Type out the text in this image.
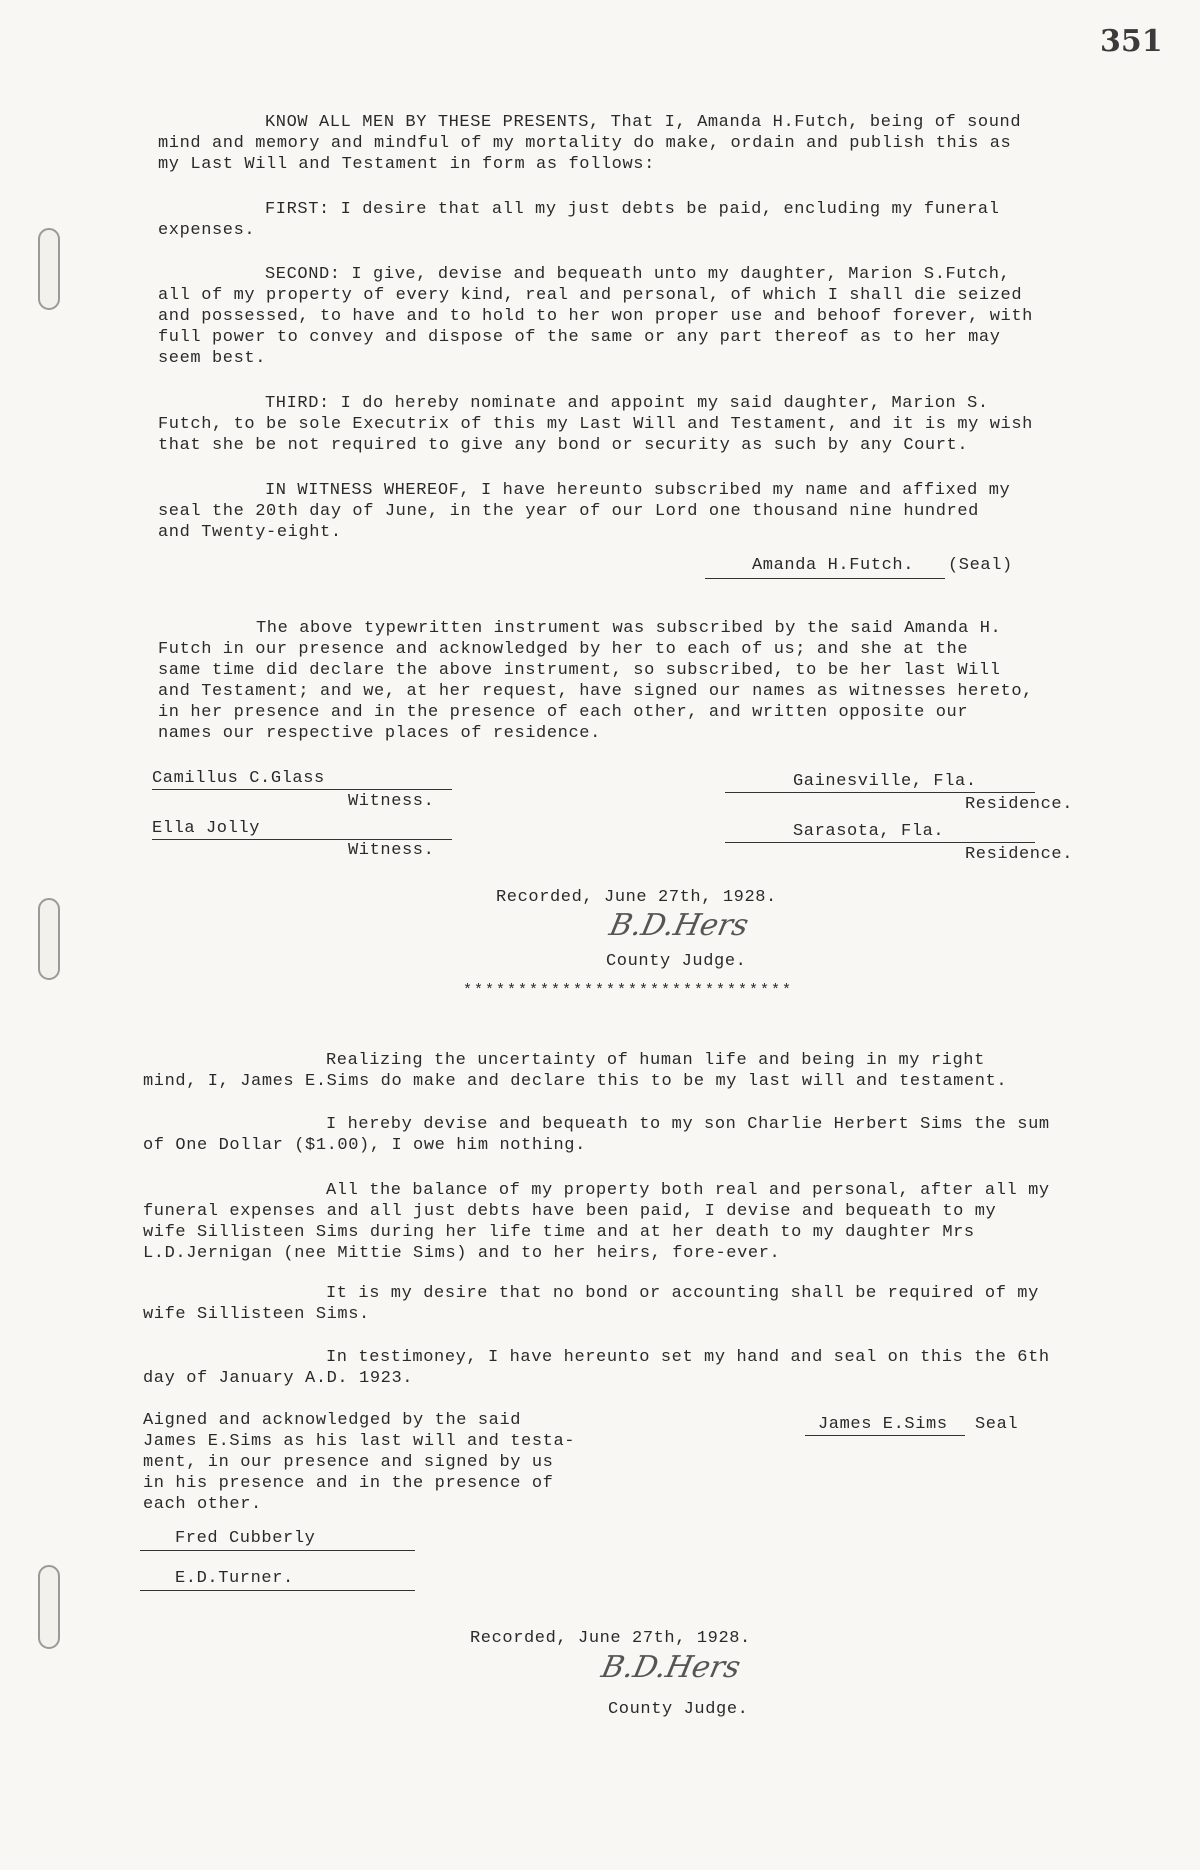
351
KNOW ALL MEN BY THESE PRESENTS, That I, Amanda H.Futch, being of sound
mind and memory and mindful of my mortality do make, ordain and publish this as
my Last Will and Testament in form as follows:
FIRST: I desire that all my just debts be paid, encluding my funeral
expenses.
SECOND: I give, devise and bequeath unto my daughter, Marion S.Futch,
all of my property of every kind, real and personal, of which I shall die seized
and possessed, to have and to hold to her won proper use and behoof forever, with
full power to convey and dispose of the same or any part thereof as to her may
seem best.
THIRD: I do hereby nominate and appoint my said daughter, Marion S.
Futch, to be sole Executrix of this my Last Will and Testament, and it is my wish
that she be not required to give any bond or security as such by any Court.
IN WITNESS WHEREOF, I have hereunto subscribed my name and affixed my
seal the 20th day of June, in the year of our Lord one thousand nine hundred
and Twenty-eight.
Amanda H.Futch. (Seal)
The above typewritten instrument was subscribed by the said Amanda H.
Futch in our presence and acknowledged by her to each of us; and she at the
same time did declare the above instrument, so subscribed, to be her last Will
and Testament; and we, at her request, have signed our names as witnesses hereto,
in her presence and in the presence of each other, and written opposite our
names our respective places of residence.
Camillus C.Glass
Witness.
Gainesville, Fla.
Residence.
Ella Jolly
Witness.
Sarasota, Fla.
Residence.
Recorded, June 27th, 1928.
B.D.Hers
County Judge.
******************************
Realizing the uncertainty of human life and being in my right
mind, I, James E.Sims do make and declare this to be my last will and testament.
I hereby devise and bequeath to my son Charlie Herbert Sims the sum
of One Dollar ($1.00), I owe him nothing.
All the balance of my property both real and personal, after all my
funeral expenses and all just debts have been paid, I devise and bequeath to my
wife Sillisteen Sims during her life time and at her death to my daughter Mrs
L.D.Jernigan (nee Mittie Sims) and to her heirs, fore-ever.
It is my desire that no bond or accounting shall be required of my
wife Sillisteen Sims.
In testimoney, I have hereunto set my hand and seal on this the 6th
day of January A.D. 1923.
Aigned and acknowledged by the said
James E.Sims as his last will and testa-
ment, in our presence and signed by us
in his presence and in the presence of
each other.
James E.Sims Seal
Fred Cubberly
E.D.Turner.
Recorded, June 27th, 1928.
B.D.Hers
County Judge.
